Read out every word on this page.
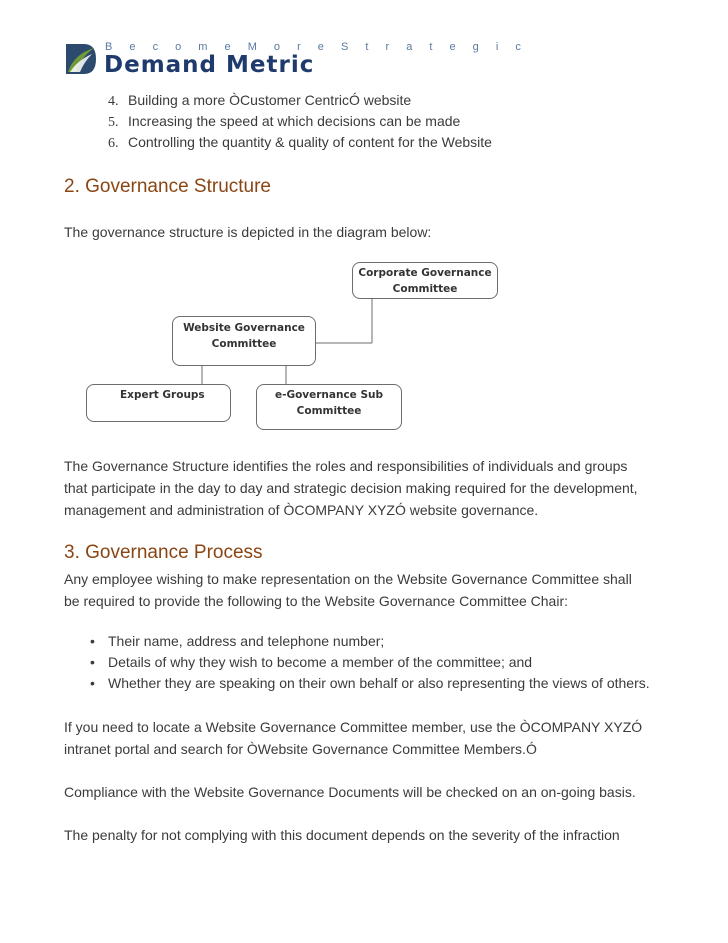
B e c o m e M o r e S t r a t e g i c
Demand Metric
4. Building a more ÒCustomer CentricÓ website
5. Increasing the speed at which decisions can be made
6. Controlling the quantity & quality of content for the Website
2. Governance Structure

The governance structure is depicted in the diagram below:

Corporate Governance
Committee
Website Governance
Committee
Expert Groups	e-Governance Sub
Committee

The Governance Structure identifies the roles and responsibilities of individuals and groups

that participate in the day to day and strategic decision making required for the development,

management and administration of ÒCOMPANY XYZÓ website governance.

3. Governance Process

Any employee wishing to make representation on the Website Governance Committee shall

be required to provide the following to the Website Governance Committee Chair:

• Their name, address and telephone number;
• Details of why they wish to become a member of the committee; and
• Whether they are speaking on their own behalf or also representing the views of others.

If you need to locate a Website Governance Committee member, use the ÒCOMPANY XYZÓ

intranet portal and search for ÒWebsite Governance Committee Members.Ó

Compliance with the Website Governance Documents will be checked on an on-going basis.

The penalty for not complying with this document depends on the severity of the infraction
